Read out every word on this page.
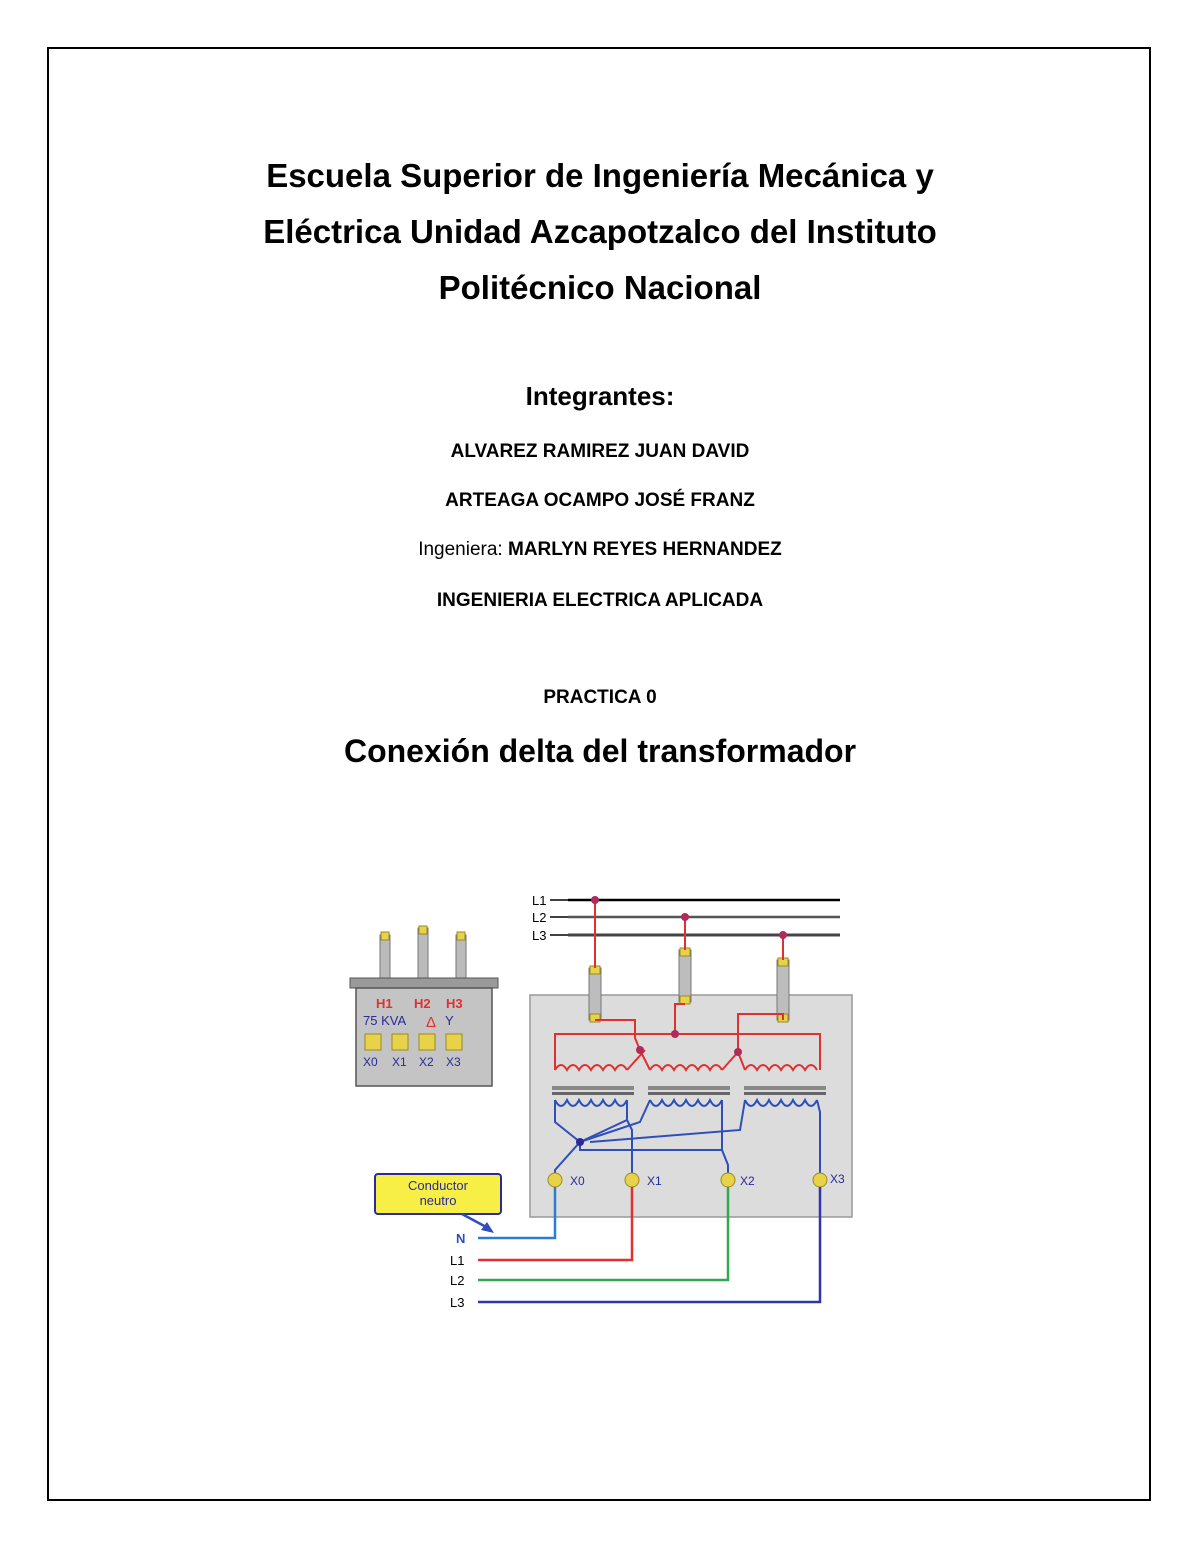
Escuela Superior de Ingeniería Mecánica y
Eléctrica Unidad Azcapotzalco del Instituto
Politécnico Nacional
Integrantes:
ALVAREZ RAMIREZ JUAN DAVID
ARTEAGA OCAMPO JOSÉ FRANZ
Ingeniera: MARLYN REYES HERNANDEZ
INGENIERIA ELECTRICA APLICADA
PRACTICA 0
Conexión delta del transformador
L1
L2
L3
H1 H2 H3
75 KVA Δ Y
X0 X1 X2 X3
X0	X1	X2	X3
N
L1
L2
L3
Conductor
neutro
